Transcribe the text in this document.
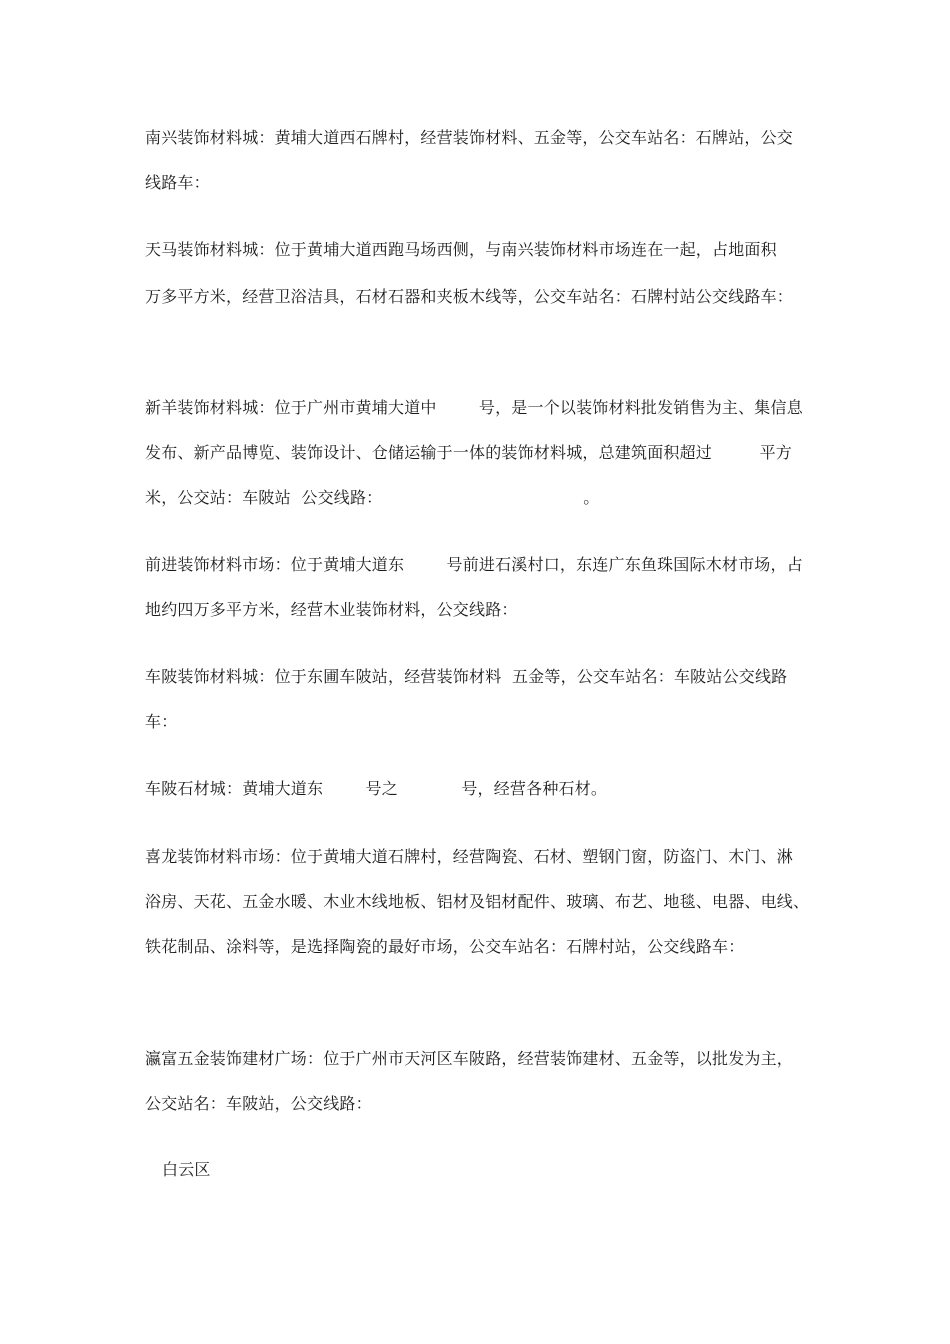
南兴装饰材料城：黄埔大道西石牌村，经营装饰材料、五金等，公交车站名：石牌站，公交
线路车：
天马装饰材料城：位于黄埔大道西跑马场西侧，与南兴装饰材料市场连在一起，占地面积
万多平方米，经营卫浴洁具，石材石器和夹板木线等，公交车站名：石牌村站公交线路车：
新羊装饰材料城：位于广州市黄埔大道中        号，是一个以装饰材料批发销售为主、集信息
发布、新产品博览、装饰设计、仓储运输于一体的装饰材料城，总建筑面积超过         平方
米，公交站：车陂站  公交线路：                                      。
前进装饰材料市场：位于黄埔大道东        号前进石溪村口，东连广东鱼珠国际木材市场，占
地约四万多平方米，经营木业装饰材料，公交线路：
车陂装饰材料城：位于东圃车陂站，经营装饰材料  五金等，公交车站名：车陂站公交线路
车：
车陂石材城：黄埔大道东        号之            号，经营各种石材。
喜龙装饰材料市场：位于黄埔大道石牌村，经营陶瓷、石材、塑钢门窗，防盗门、木门、淋
浴房、天花、五金水暖、木业木线地板、铝材及铝材配件、玻璃、布艺、地毯、电器、电线、
铁花制品、涂料等，是选择陶瓷的最好市场，公交车站名：石牌村站，公交线路车：
瀛富五金装饰建材广场：位于广州市天河区车陂路，经营装饰建材、五金等，以批发为主，
公交站名：车陂站，公交线路：
白云区
